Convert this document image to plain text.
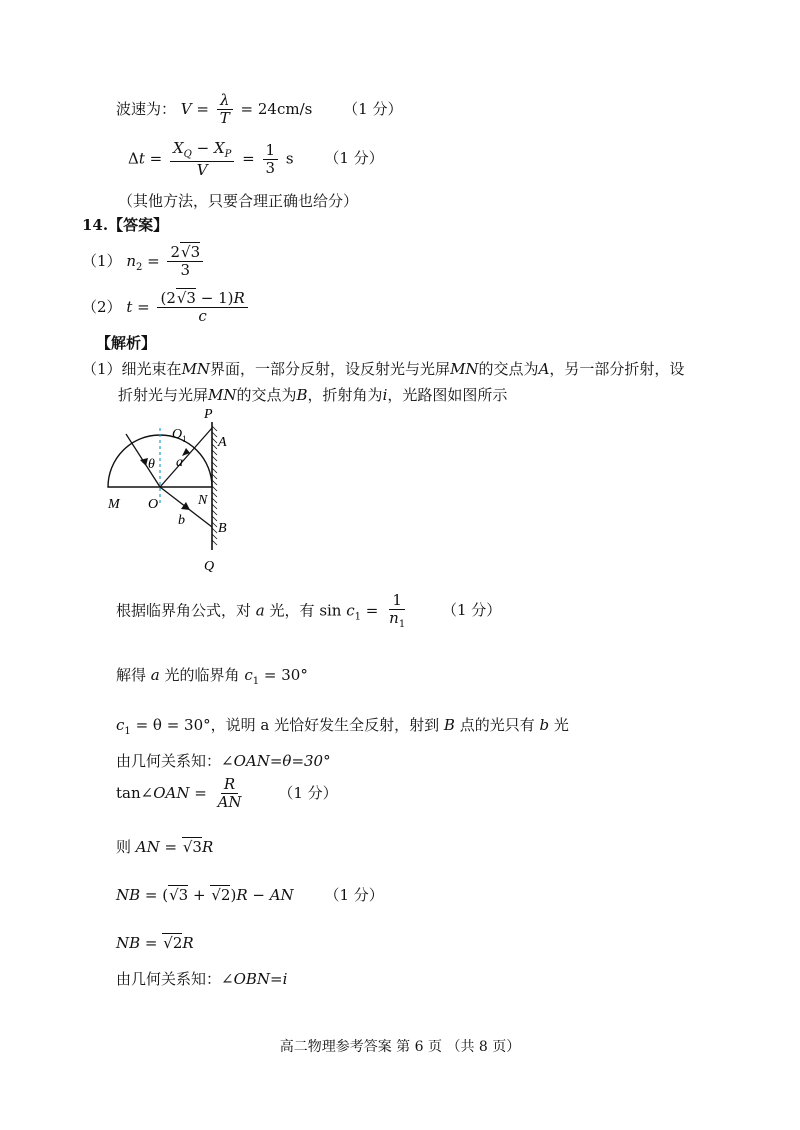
波速为： $V = \frac{\lambda}{T} = 24cm/s$ （1 分）
$\Delta t = \frac{X_Q - X_P}{V} = \frac{1}{3}$ s （1 分）
（其他方法，只要合理正确也给分）
14.【答案】
（1） $n_2 = \frac{2√3}{3}$
（2） $t = \frac{(2√3 - 1)R}{c}$
【解析】
（1）细光束在MN界面，一部分反射，设反射光与光屏MN的交点为A，另一部分折射，设
折射光与光屏MN的交点为B，折射角为i，光路图如图所示
P
$O_1$ A
θ a
M O	N
b
B
Q
根据临界角公式，对 a 光，有 $\sin c_1 = \frac{1}{n_1} (1$ 分）
解得 a 光的临界角 $c_1 = 30^\circ$
$c_1 = \theta = 30^\circ$，说明 a 光恰好发生全反射，射到 B 点的光只有 b 光
由几何关系知：∠OAN=θ=30°
tan∠OAN = $\frac{R}{AN} (1$ 分）
则 AN = √3R
NB = (√3 + √2)R − AN （1 分）
NB = √2R
由几何关系知：∠OBN=i
高二物理参考答案 第 6 页 （共 8 页）
